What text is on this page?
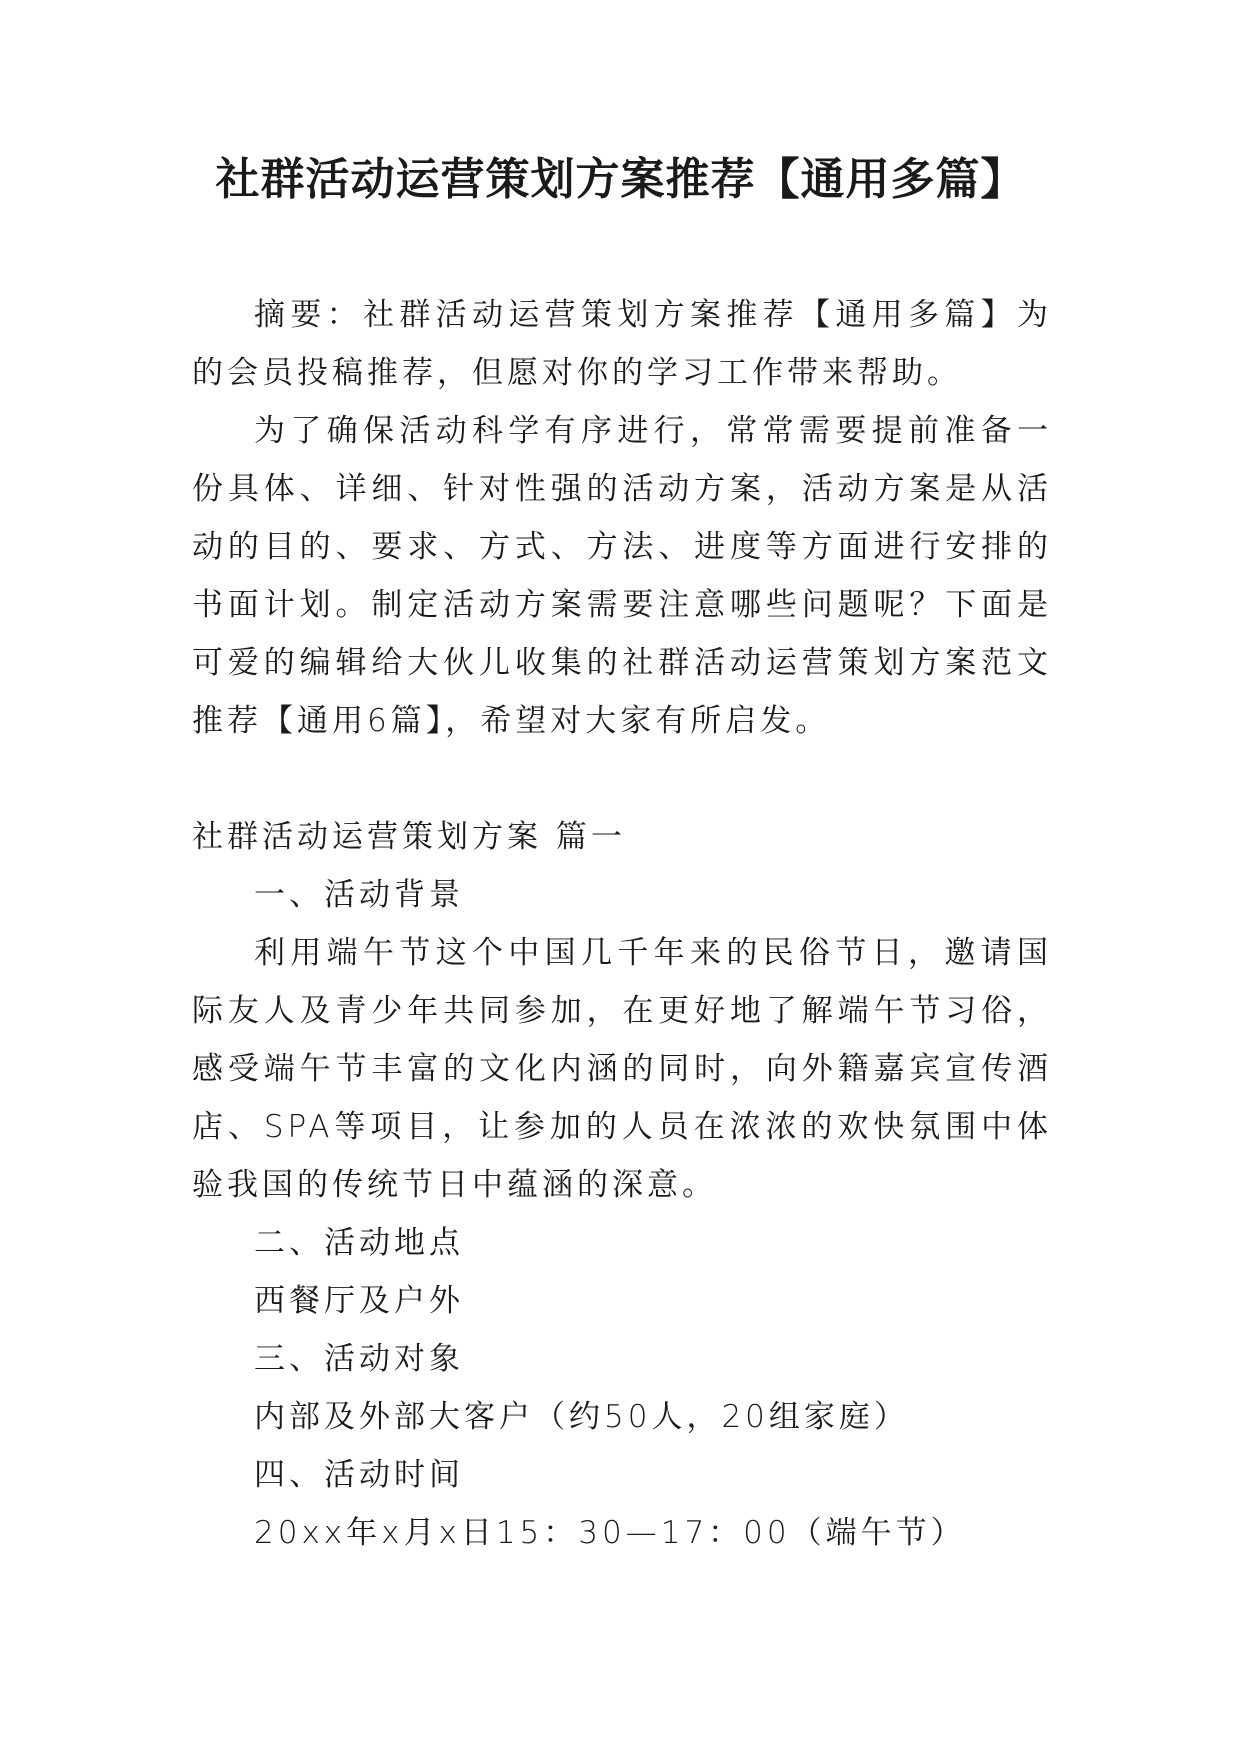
社群活动运营策划方案推荐【通用多篇】

摘要：社群活动运营策划方案推荐【通用多篇】为的会员投稿推荐，但愿对你的学习工作带来帮助。

为了确保活动科学有序进行，常常需要提前准备一份具体、详细、针对性强的活动方案，活动方案是从活动的目的、要求、方式、方法、进度等方面进行安排的书面计划。制定活动方案需要注意哪些问题呢？下面是可爱的编辑给大伙儿收集的社群活动运营策划方案范文推荐【通用6篇】，希望对大家有所启发。

社群活动运营策划方案 篇一

一、活动背景

利用端午节这个中国几千年来的民俗节日，邀请国际友人及青少年共同参加，在更好地了解端午节习俗，感受端午节丰富的文化内涵的同时，向外籍嘉宾宣传酒店、SPA等项目，让参加的人员在浓浓的欢快氛围中体验我国的传统节日中蕴涵的深意。

二、活动地点

西餐厅及户外

三、活动对象

内部及外部大客户（约50人，20组家庭）

四、活动时间

20xx年x月x日15：30—17：00（端午节）
